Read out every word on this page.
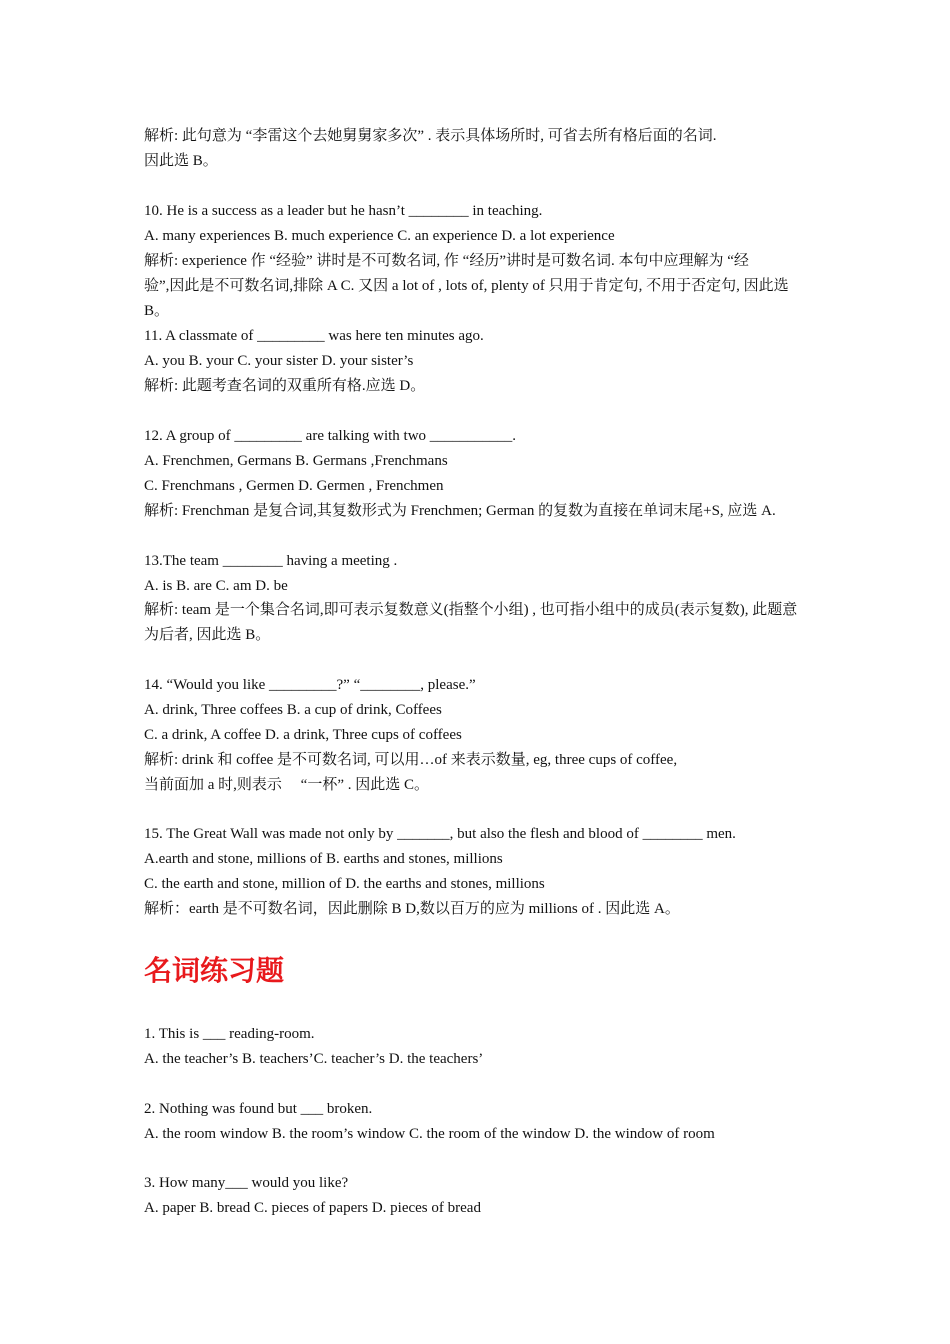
解析: 此句意为 “李雷这个去她舅舅家多次” . 表示具体场所时, 可省去所有格后面的名词.
因此选 B。
10. He is a success as a leader but he hasn’t ________ in teaching.
A. many experiences B. much experience C. an experience D. a lot experience
解析: experience 作 “经验” 讲时是不可数名词, 作 “经历”讲时是可数名词. 本句中应理解为 “经
验”,因此是不可数名词,排除 A C. 又因 a lot of , lots of, plenty of 只用于肯定句, 不用于否定句, 因此选
B。
11. A classmate of _________ was here ten minutes ago.
A. you B. your C. your sister D. your sister’s
解析: 此题考查名词的双重所有格.应选 D。
12. A group of _________ are talking with two ___________.
A. Frenchmen, Germans B. Germans ,Frenchmans
C. Frenchmans , Germen D. Germen , Frenchmen
解析: Frenchman 是复合词,其复数形式为 Frenchmen; German 的复数为直接在单词末尾+S, 应选 A.
13.The team ________ having a meeting .
A. is B. are C. am D. be
解析: team 是一个集合名词,即可表示复数意义(指整个小组) , 也可指小组中的成员(表示复数), 此题意
为后者, 因此选 B。
14. “Would you like _________?” “________, please.”
A. drink, Three coffees B. a cup of drink, Coffees
C. a drink, A coffee D. a drink, Three cups of coffees
解析: drink 和 coffee 是不可数名词, 可以用…of 来表示数量, eg, three cups of coffee,
当前面加 a 时,则表示　 “一杯” . 因此选 C。
15. The Great Wall was made not only by _______, but also the flesh and blood of ________ men.
A.earth and stone, millions of B. earths and stones, millions
C. the earth and stone, million of D. the earths and stones, millions
解析：earth 是不可数名词，因此删除 B D,数以百万的应为 millions of . 因此选 A。
名词练习题
1. This is ___ reading-room.
A. the teacher’s B. teachers’C. teacher’s D. the teachers’
2. Nothing was found but ___ broken.
A. the room window B. the room’s window C. the room of the window D. the window of room
3. How many___ would you like?
A. paper B. bread C. pieces of papers D. pieces of bread
